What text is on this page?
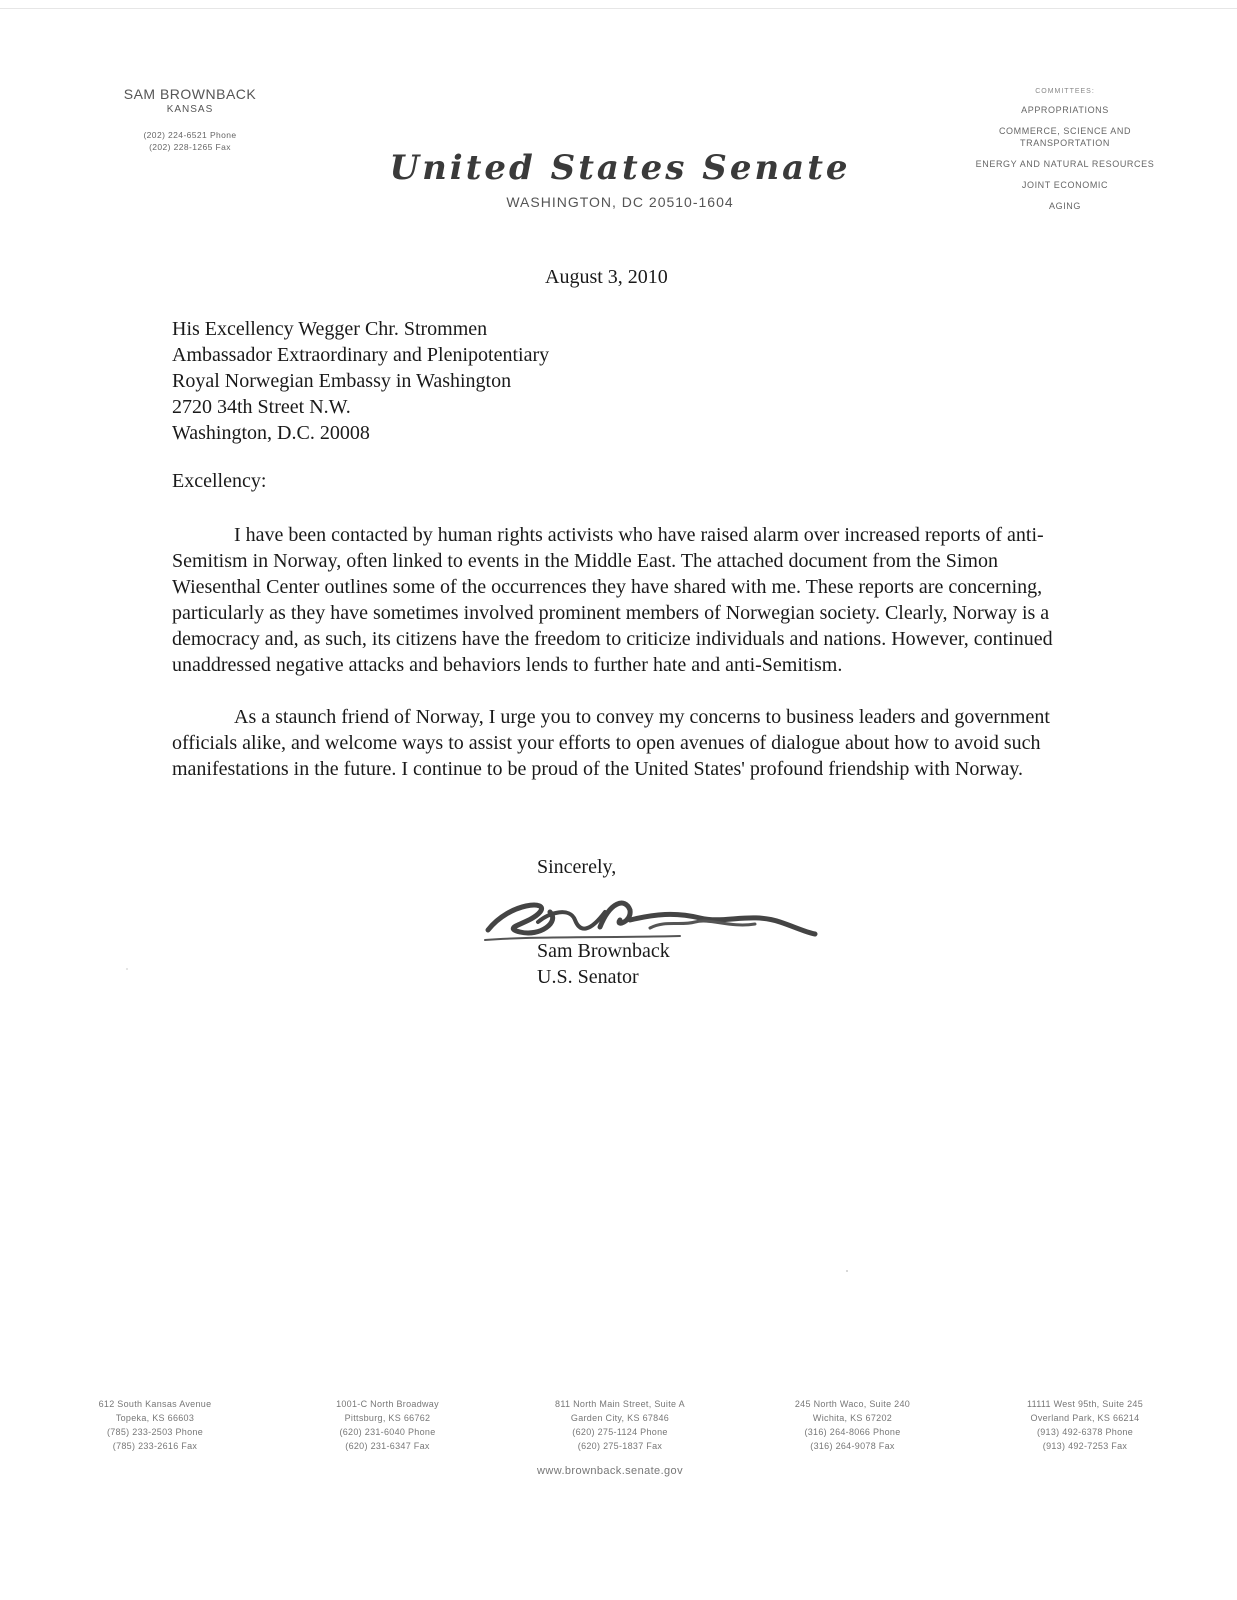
SAM BROWNBACK
KANSAS
(202) 224-6521 Phone
(202) 228-1265 Fax
United States Senate
WASHINGTON, DC 20510-1604
COMMITTEES:
APPROPRIATIONS
COMMERCE, SCIENCE AND TRANSPORTATION
ENERGY AND NATURAL RESOURCES
JOINT ECONOMIC
AGING
August 3, 2010
His Excellency Wegger Chr. Strommen
Ambassador Extraordinary and Plenipotentiary
Royal Norwegian Embassy in Washington
2720 34th Street N.W.
Washington, D.C. 20008
Excellency:

I have been contacted by human rights activists who have raised alarm over increased reports of anti-Semitism in Norway, often linked to events in the Middle East. The attached document from the Simon Wiesenthal Center outlines some of the occurrences they have shared with me. These reports are concerning, particularly as they have sometimes involved prominent members of Norwegian society. Clearly, Norway is a democracy and, as such, its citizens have the freedom to criticize individuals and nations. However, continued unaddressed negative attacks and behaviors lends to further hate and anti-Semitism.

As a staunch friend of Norway, I urge you to convey my concerns to business leaders and government officials alike, and welcome ways to assist your efforts to open avenues of dialogue about how to avoid such manifestations in the future. I continue to be proud of the United States' profound friendship with Norway.

Sincerely,
Sam Brownback
U.S. Senator
612 South Kansas Avenue
Topeka, KS 66603
(785) 233-2503 Phone
(785) 233-2616 Fax
1001-C North Broadway
Pittsburg, KS 66762
(620) 231-6040 Phone
(620) 231-6347 Fax
811 North Main Street, Suite A
Garden City, KS 67846
(620) 275-1124 Phone
(620) 275-1837 Fax
245 North Waco, Suite 240
Wichita, KS 67202
(316) 264-8066 Phone
(316) 264-9078 Fax
11111 West 95th, Suite 245
Overland Park, KS 66214
(913) 492-6378 Phone
(913) 492-7253 Fax
www.brownback.senate.gov
